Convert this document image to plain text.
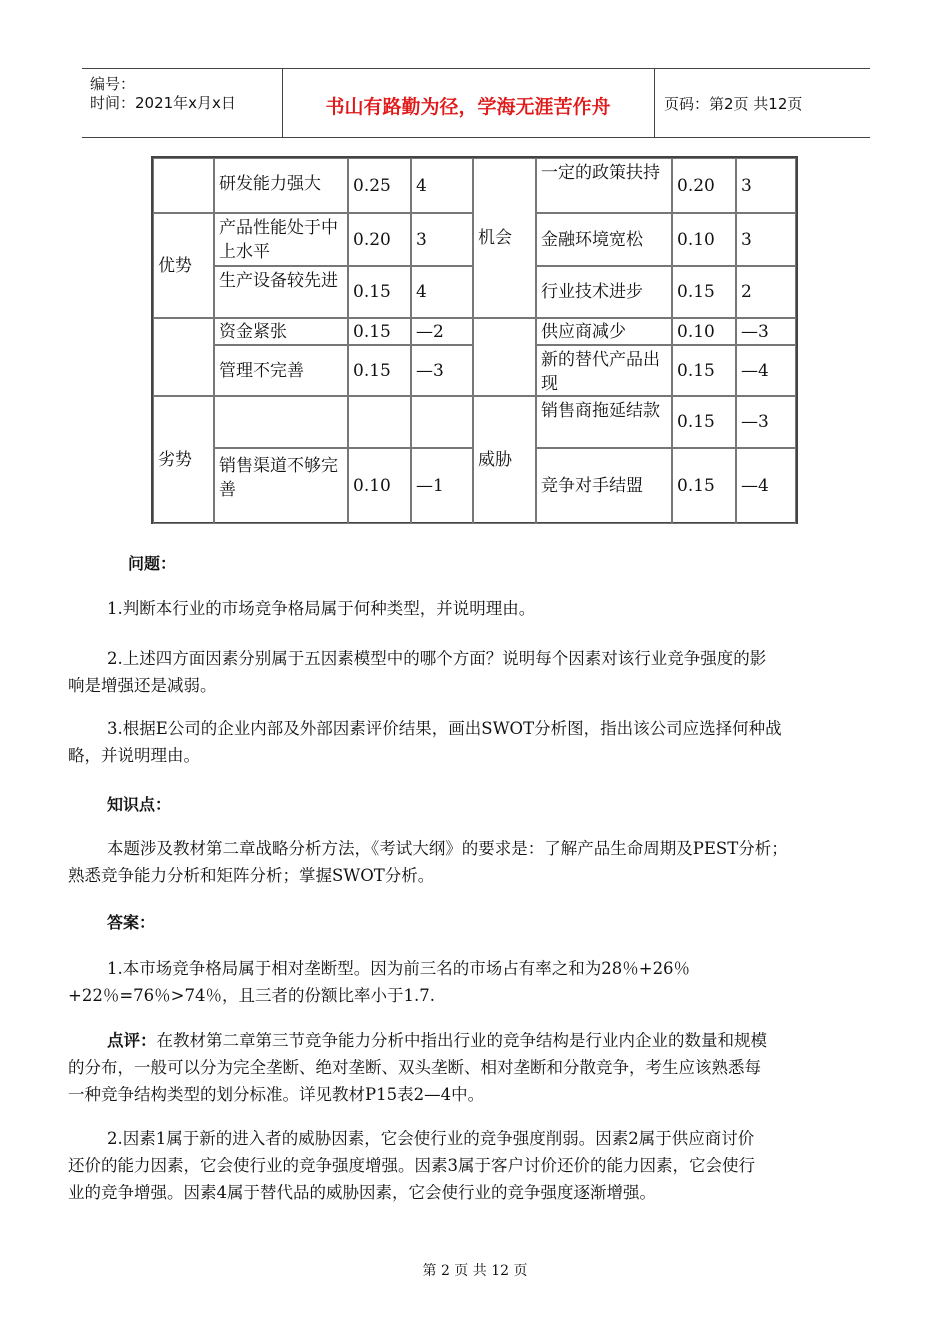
编号：
时间：2021年x月x日	书山有路勤为径，学海无涯苦作舟	页码：第2页 共12页
优势
劣势
研发能力强大
产品性能处于中上水平
生产设备较先进
资金紧张
管理不完善
销售渠道不够完善
0.25
0.20
0.15
0.15
0.15
0.10
4
3
4
—2
—3
—1
机会
威胁
一定的政策扶持
金融环境宽松
行业技术进步
供应商减少
新的替代产品出现
销售商拖延结款
竞争对手结盟
0.20
0.10
0.15
0.10
0.15
0.15
0.15
3
3
2
—3
—4
—3
—4
问题：
1.判断本行业的市场竞争格局属于何种类型，并说明理由。
2.上述四方面因素分别属于五因素模型中的哪个方面？说明每个因素对该行业竞争强度的影
响是增强还是减弱。
3.根据E公司的企业内部及外部因素评价结果，画出SWOT分析图，指出该公司应选择何种战
略，并说明理由。
知识点：
本题涉及教材第二章战略分析方法，《考试大纲》的要求是：了解产品生命周期及PEST分析；
熟悉竞争能力分析和矩阵分析；掌握SWOT分析。
答案：
1.本市场竞争格局属于相对垄断型。因为前三名的市场占有率之和为28％+26％
+22％=76％>74％，且三者的份额比率小于1.7.
点评：在教材第二章第三节竞争能力分析中指出行业的竞争结构是行业内企业的数量和规模
的分布，一般可以分为完全垄断、绝对垄断、双头垄断、相对垄断和分散竞争，考生应该熟悉每
一种竞争结构类型的划分标准。详见教材P15表2—4中。
2.因素1属于新的进入者的威胁因素，它会使行业的竞争强度削弱。因素2属于供应商讨价
还价的能力因素，它会使行业的竞争强度增强。因素3属于客户讨价还价的能力因素，它会使行
业的竞争增强。因素4属于替代品的威胁因素，它会使行业的竞争强度逐渐增强。
第 2 页 共 12 页
